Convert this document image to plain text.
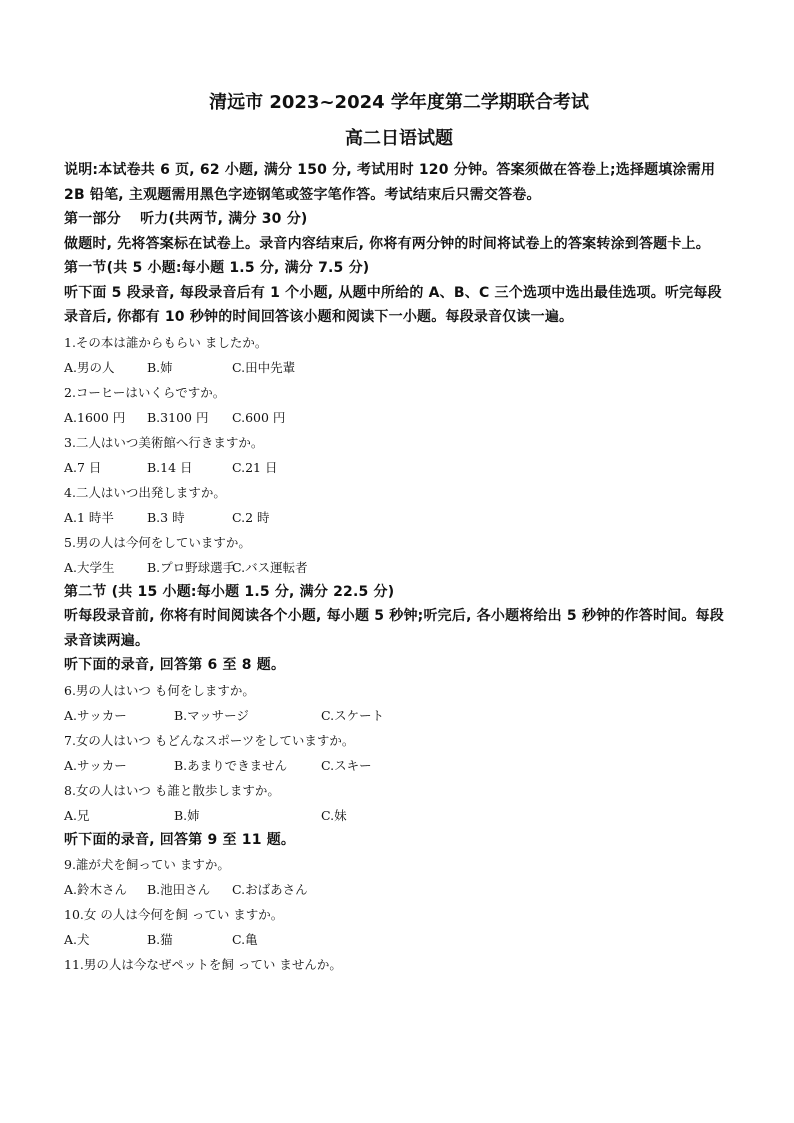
清远市 2023~2024 学年度第二学期联合考试
高二日语试题

说明:本试卷共 6 页, 62 小题, 满分 150 分, 考试用时 120 分钟。答案须做在答卷上;选择题填涂需用 2B 铅笔, 主观题需用黑色字迹钢笔或签字笔作答。考试结束后只需交答卷。

第一部分　 听力(共两节, 满分 30 分)

做题时, 先将答案标在试卷上。录音内容结束后, 你将有两分钟的时间将试卷上的答案转涂到答题卡上。

第一节(共 5 小题:每小题 1.5 分, 满分 7.5 分)

听下面 5 段录音, 每段录音后有 1 个小题, 从题中所给的 A、B、C 三个选项中选出最佳选项。听完每段录音后, 你都有 10 秒钟的时间回答该小题和阅读下一小题。每段录音仅读一遍。

1.その本は誰からもらい ましたか。

A.男の人	B.姉	C.田中先輩

2.コーヒーはいくらですか。

A.1600 円	B.3100 円	C.600 円

3.二人はいつ美術館へ行きますか。

A.7 日	B.14 日	C.21 日

4.二人はいつ出発しますか。

A.1 時半	B.3 時	C.2 時

5.男の人は今何をしていますか。

A.大学生	B.プロ野球選手
C.バス運転者

第二节 (共 15 小题:每小题 1.5 分, 满分 22.5 分)

听每段录音前, 你将有时间阅读各个小题, 每小题 5 秒钟;听完后, 各小题将给出 5 秒钟的作答时间。每段录音读两遍。

听下面的录音, 回答第 6 至 8 题。

6.男の人はいつ も何をしますか。

A.サッカー	B.マッサージ	C.スケート

7.女の人はいつ もどんなスポーツをしていますか。

A.サッカー	B.あまりできません	C.スキー

8.女の人はいつ も誰と散歩しますか。

A.兄	B.姉	C.妹

听下面的录音, 回答第 9 至 11 题。

9.誰が犬を飼ってい ますか。

A.鈴木さん	B.池田さん	C.おばあさん

10.女 の人は今何を飼 ってい ますか。

A.犬	B.猫	C.亀

11.男の人は今なぜペットを飼 ってい ませんか。
